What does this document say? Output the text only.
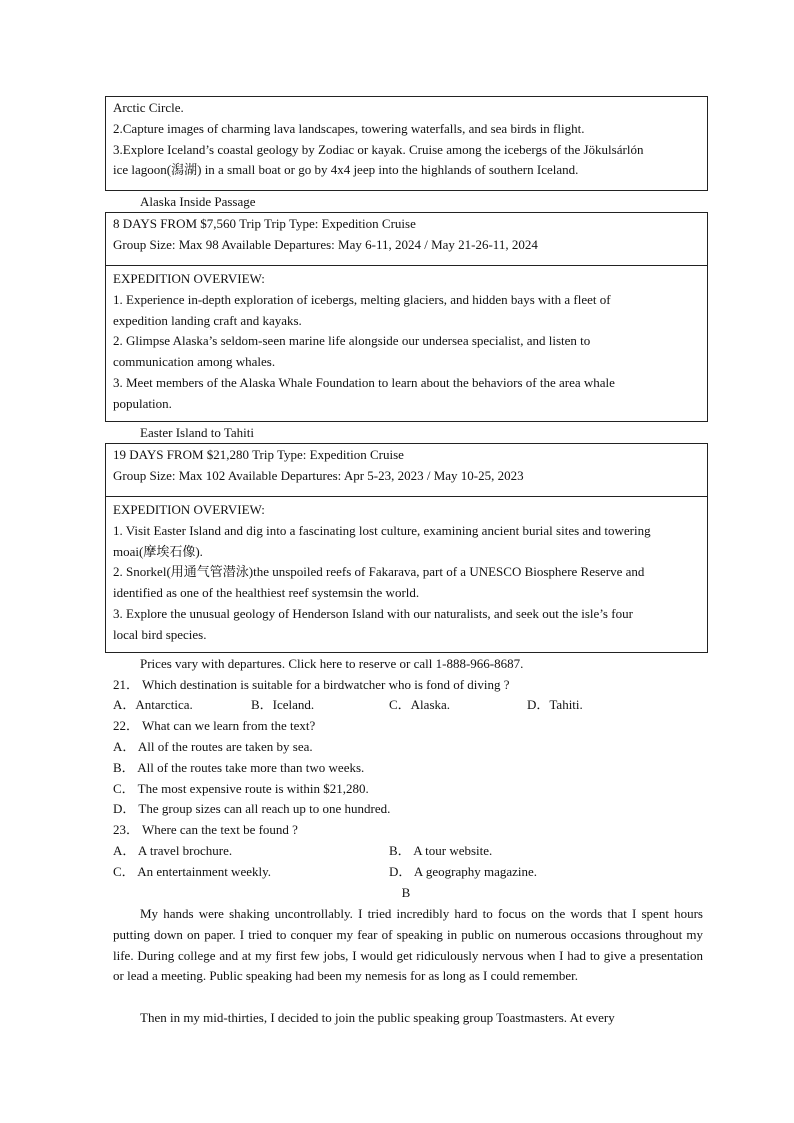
Arctic Circle.
2.Capture images of charming lava landscapes, towering waterfalls, and sea birds in flight.
3.Explore Iceland’s coastal geology by Zodiac or kayak. Cruise among the icebergs of the Jökulsárlón
ice lagoon(潟湖) in a small boat or go by 4x4 jeep into the highlands of southern Iceland.
Alaska Inside Passage
8 DAYS FROM $7,560 Trip Trip Type: Expedition Cruise
Group Size: Max 98 Available Departures: May 6-11, 2024 / May 21-26-11, 2024
EXPEDITION OVERVIEW:
1. Experience in-depth exploration of icebergs, melting glaciers, and hidden bays with a fleet of
expedition landing craft and kayaks.
2. Glimpse Alaska’s seldom-seen marine life alongside our undersea specialist, and listen to
communication among whales.
3. Meet members of the Alaska Whale Foundation to learn about the behaviors of the area whale
population.
Easter Island to Tahiti
19 DAYS FROM $21,280 Trip Type: Expedition Cruise
Group Size: Max 102 Available Departures: Apr 5-23, 2023 / May 10-25, 2023
EXPEDITION OVERVIEW:
1. Visit Easter Island and dig into a fascinating lost culture, examining ancient burial sites and towering
moai(摩埃石像).
2. Snorkel(用通气管潜泳)the unspoiled reefs of Fakarava, part of a UNESCO Biosphere Reserve and
identified as one of the healthiest reef systemsin the world.
3. Explore the unusual geology of Henderson Island with our naturalists, and seek out the isle’s four
local bird species.
Prices vary with departures. Click here to reserve or call 1-888-966-8687.
21． Which destination is suitable for a birdwatcher who is fond of diving ?
A．Antarctica.	B．Iceland.	C．Alaska.	D．Tahiti.
22． What can we learn from the text?
A． All of the routes are taken by sea.
B． All of the routes take more than two weeks.
C． The most expensive route is within $21,280.
D． The group sizes can all reach up to one hundred.
23． Where can the text be found ?
A． A travel brochure.	B． A tour website.
C． An entertainment weekly.	D． A geography magazine.
B
My hands were shaking uncontrollably. I tried incredibly hard to focus on the words that I spent hours putting down on paper. I tried to conquer my fear of speaking in public on numerous occasions throughout my life. During college and at my first few jobs, I would get ridiculously nervous when I had to give a presentation or lead a meeting. Public speaking had been my nemesis for as long as I could remember.
Then in my mid-thirties, I decided to join the public speaking group Toastmasters. At every
